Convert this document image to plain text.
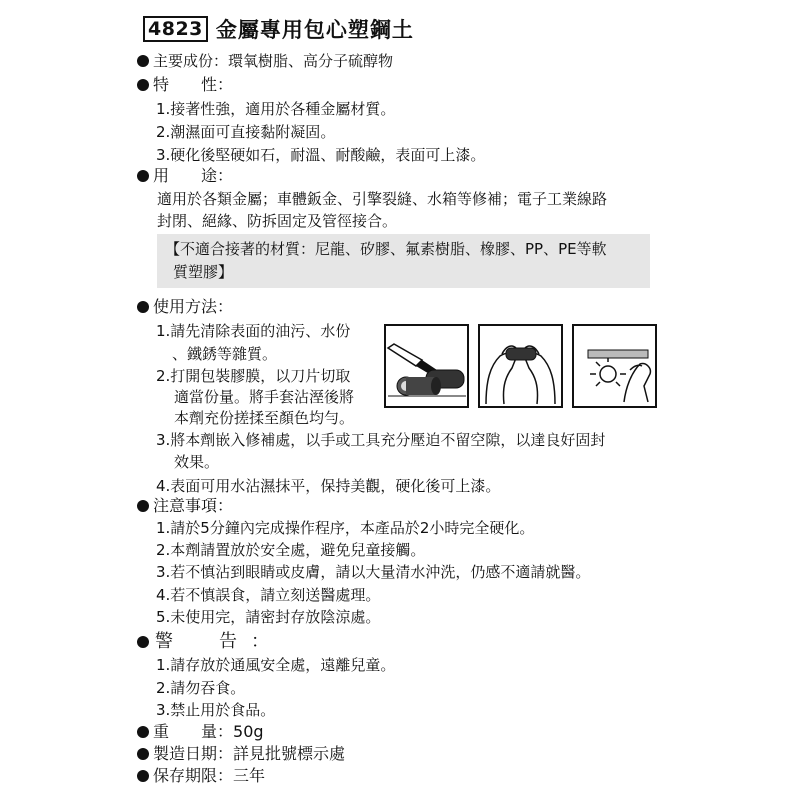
4823 金屬專用包心塑鋼土
主要成份：環氧樹脂、高分子硫醇物
特　　性：
1.接著性強，適用於各種金屬材質。
2.潮濕面可直接黏附凝固。
3.硬化後堅硬如石，耐溫、耐酸鹼，表面可上漆。
用　　途：
適用於各類金屬；車體鈑金、引擎裂縫、水箱等修補；電子工業線路
封閉、絕緣、防拆固定及管徑接合。
【不適合接著的材質：尼龍、矽膠、氟素樹脂、橡膠、PP、PE等軟
質塑膠】
使用方法：
1.請先清除表面的油污、水份
、鐵銹等雜質。
2.打開包裝膠膜，以刀片切取
適當份量。將手套沾溼後將
本劑充份搓揉至顏色均勻。
3.將本劑嵌入修補處，以手或工具充分壓迫不留空隙，以達良好固封
效果。
4.表面可用水沾濕抹平，保持美觀，硬化後可上漆。
注意事項：
1.請於5分鐘內完成操作程序，本產品於2小時完全硬化。
2.本劑請置放於安全處，避免兒童接觸。
3.若不慎沾到眼睛或皮膚，請以大量清水沖洗，仍感不適請就醫。
4.若不慎誤食，請立刻送醫處理。
5.未使用完，請密封存放陰涼處。
警　告：
1.請存放於通風安全處，遠離兒童。
2.請勿吞食。
3.禁止用於食品。
重　　量：50g
製造日期：詳見批號標示處
保存期限：三年
